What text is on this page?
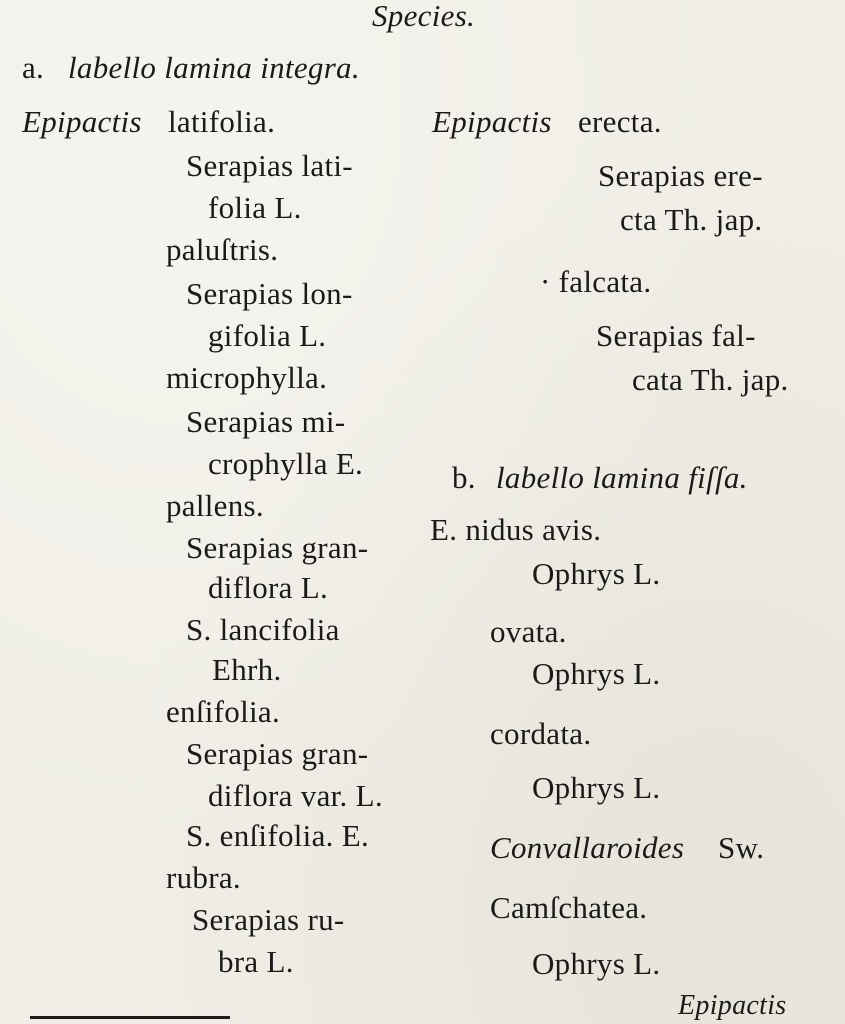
Species.
a. labello lamina integra.
Epipactis latifolia.
Serapias lati-
folia L.
paluſtris.
Serapias lon-
gifolia L.
microphylla.
Serapias mi-
crophylla E.
pallens.
Serapias gran-
diflora L.
S. lancifolia
Ehrh.
enſifolia.
Serapias gran-
diflora var. L.
S. enſifolia. E.
rubra.
Serapias ru-
bra L.
Epipactis erecta.
Serapias ere-
cta Th. jap.
· falcata.
Serapias fal-
cata Th. jap.
b. labello lamina fiſſa.
E. nidus avis.
Ophrys L.
ovata.
Ophrys L.
cordata.
Ophrys L.
Convallaroides Sw.
Camſchatea.
Ophrys L.
Epipactis
